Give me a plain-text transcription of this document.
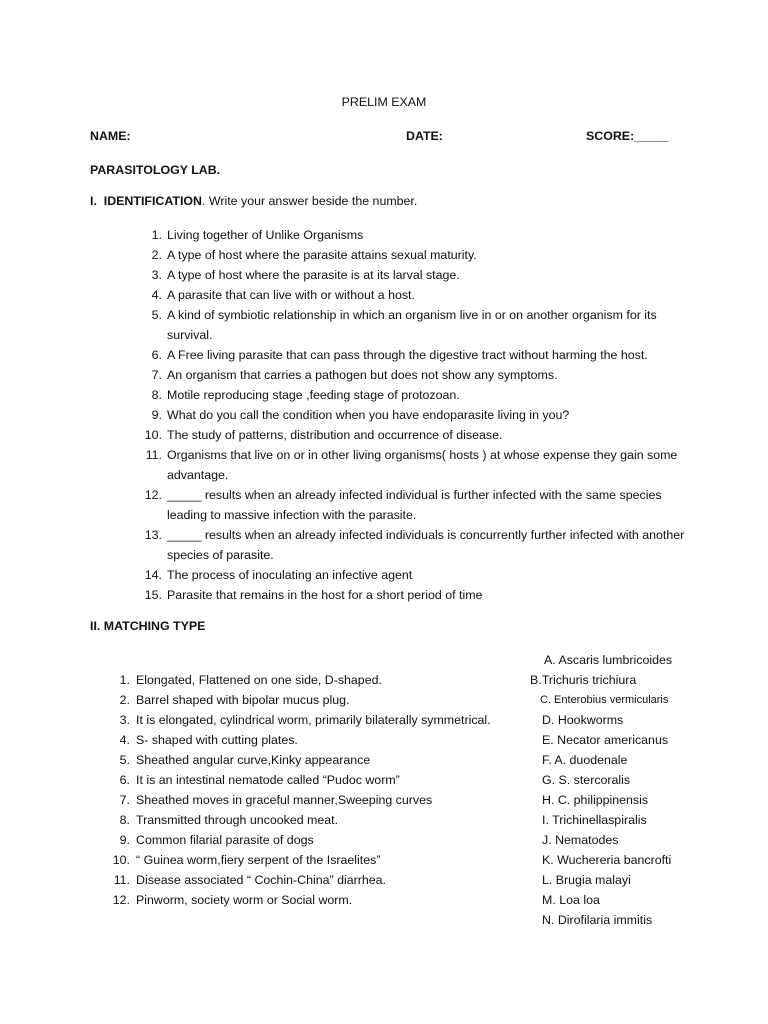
PRELIM EXAM
NAME:	DATE:	SCORE:_____
PARASITOLOGY LAB.
I. IDENTIFICATION. Write your answer beside the number.
1. Living together of Unlike Organisms
2. A type of host where the parasite attains sexual maturity.
3. A type of host where the parasite is at its larval stage.
4. A parasite that can live with or without a host.
5. A kind of symbiotic relationship in which an organism live in or on another organism for its survival.
6. A Free living parasite that can pass through the digestive tract without harming the host.
7. An organism that carries a pathogen but does not show any symptoms.
8. Motile reproducing stage ,feeding stage of protozoan.
9. What do you call the condition when you have endoparasite living in you?
10. The study of patterns, distribution and occurrence of disease.
11. Organisms that live on or in other living organisms( hosts ) at whose expense they gain some advantage.
12. _____ results when an already infected individual is further infected with the same species leading to massive infection with the parasite.
13. _____ results when an already infected individuals is concurrently further infected with another species of parasite.
14. The process of inoculating an infective agent
15. Parasite that remains in the host for a short period of time
II. MATCHING TYPE
1. Elongated, Flattened on one side, D-shaped.
2. Barrel shaped with bipolar mucus plug.
3. It is elongated, cylindrical worm, primarily bilaterally symmetrical.
4. S- shaped with cutting plates.
5. Sheathed angular curve,Kinky appearance
6. It is an intestinal nematode called “Pudoc worm”
7. Sheathed moves in graceful manner,Sweeping curves
8. Transmitted through uncooked meat.
9. Common filarial parasite of dogs
10. “ Guinea worm,fiery serpent of the Israelites”
11. Disease associated “ Cochin-China” diarrhea.
12. Pinworm, society worm or Social worm.
A. Ascaris lumbricoides
B.Trichuris trichiura
C. Enterobius vermicularis
D. Hookworms
E. Necator americanus
F. A. duodenale
G. S. stercoralis
H. C. philippinensis
I. Trichinellaspiralis
J. Nematodes
K. Wuchereria bancrofti
L. Brugia malayi
M. Loa loa
N. Dirofilaria immitis
